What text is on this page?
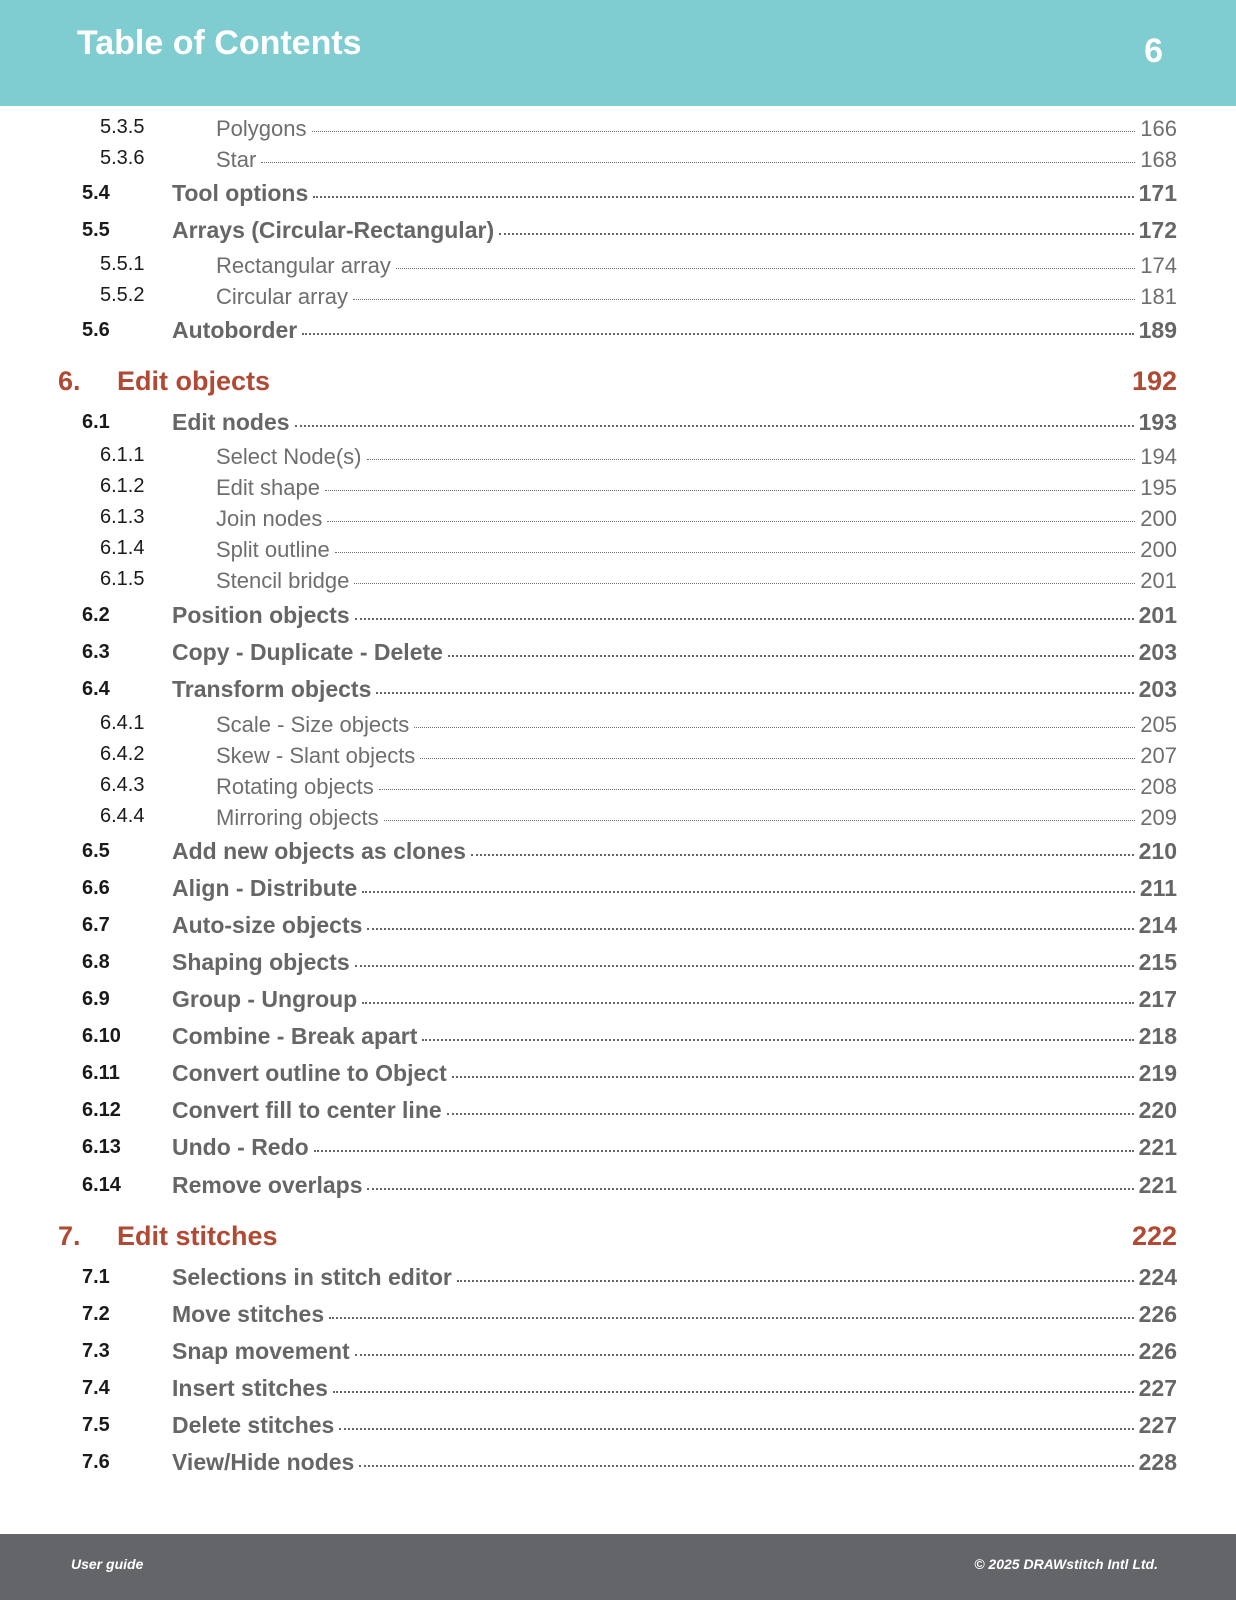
Table of Contents	6
5.3.5	Polygons	166
5.3.6	Star	168
5.4	Tool options	171
5.5	Arrays (Circular-Rectangular)	172
5.5.1	Rectangular array	174
5.5.2	Circular array	181
5.6	Autoborder	189
6. Edit objects	192
6.1	Edit nodes	193
6.1.1	Select Node(s)	194
6.1.2	Edit shape	195
6.1.3	Join nodes	200
6.1.4	Split outline	200
6.1.5	Stencil bridge	201
6.2	Position objects	201
6.3	Copy - Duplicate - Delete	203
6.4	Transform objects	203
6.4.1	Scale - Size objects	205
6.4.2	Skew - Slant objects	207
6.4.3	Rotating objects	208
6.4.4	Mirroring objects	209
6.5	Add new objects as clones	210
6.6	Align - Distribute	211
6.7	Auto-size objects	214
6.8	Shaping objects	215
6.9	Group - Ungroup	217
6.10 Combine - Break apart	218
6.11 Convert outline to Object	219
6.12 Convert fill to center line	220
6.13 Undo - Redo	221
6.14 Remove overlaps	221
7. Edit stitches	222
7.1	Selections in stitch editor	224
7.2	Move stitches	226
7.3	Snap movement	226
7.4	Insert stitches	227
7.5	Delete stitches	227
7.6	View/Hide nodes	228
User guide	© 2025 DRAWstitch Intl Ltd.
